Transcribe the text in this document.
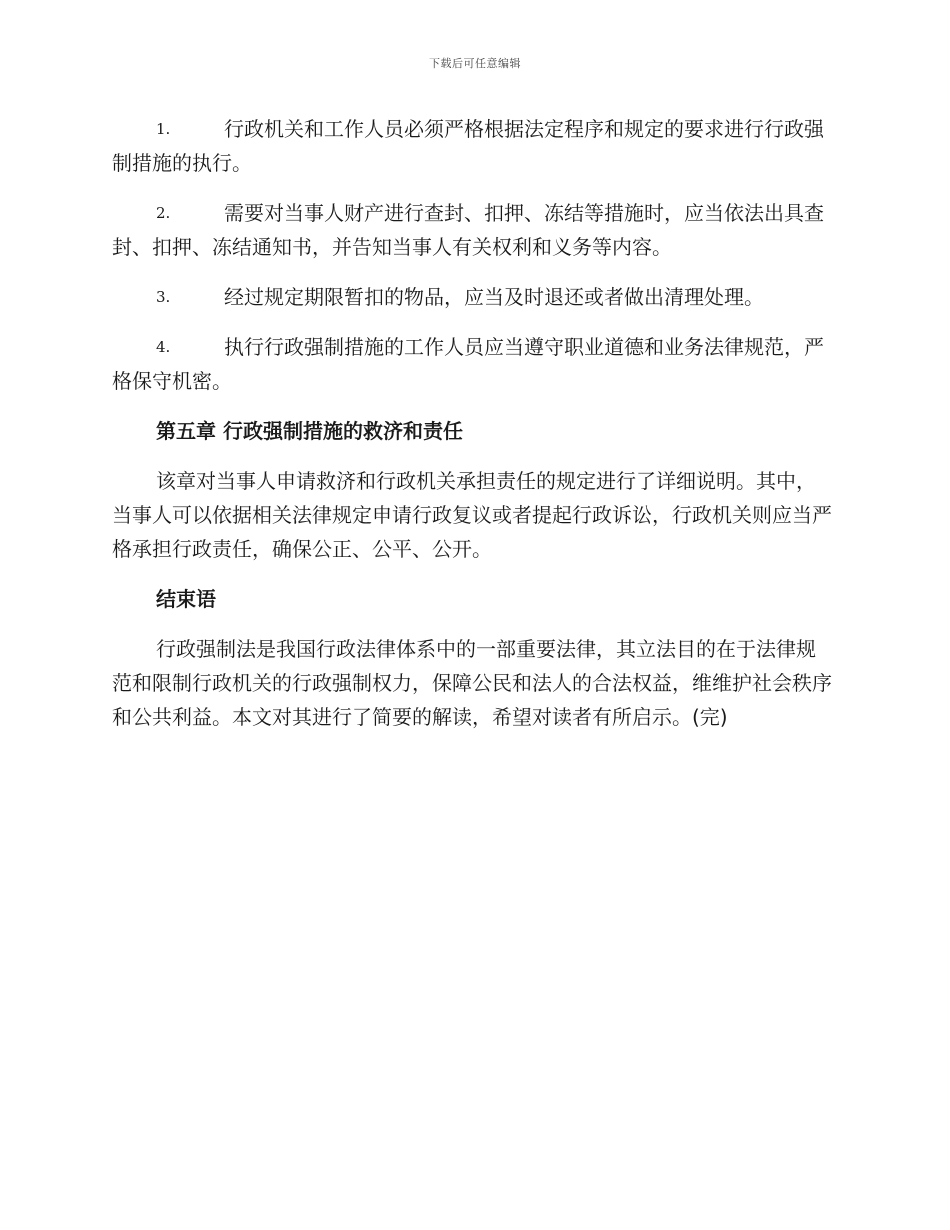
下载后可任意编辑

1.	行政机关和工作人员必须严格根据法定程序和规定的要求进行行政强制措施的执行。

2.	需要对当事人财产进行查封、扣押、冻结等措施时，应当依法出具查封、扣押、冻结通知书，并告知当事人有关权利和义务等内容。

3.	经过规定期限暂扣的物品，应当及时退还或者做出清理处理。

4.	执行行政强制措施的工作人员应当遵守职业道德和业务法律规范，严格保守机密。

第五章 行政强制措施的救济和责任

该章对当事人申请救济和行政机关承担责任的规定进行了详细说明。其中，当事人可以依据相关法律规定申请行政复议或者提起行政诉讼，行政机关则应当严格承担行政责任，确保公正、公平、公开。

结束语

行政强制法是我国行政法律体系中的一部重要法律，其立法目的在于法律规范和限制行政机关的行政强制权力，保障公民和法人的合法权益，维维护社会秩序和公共利益。本文对其进行了简要的解读，希望对读者有所启示。(完)
